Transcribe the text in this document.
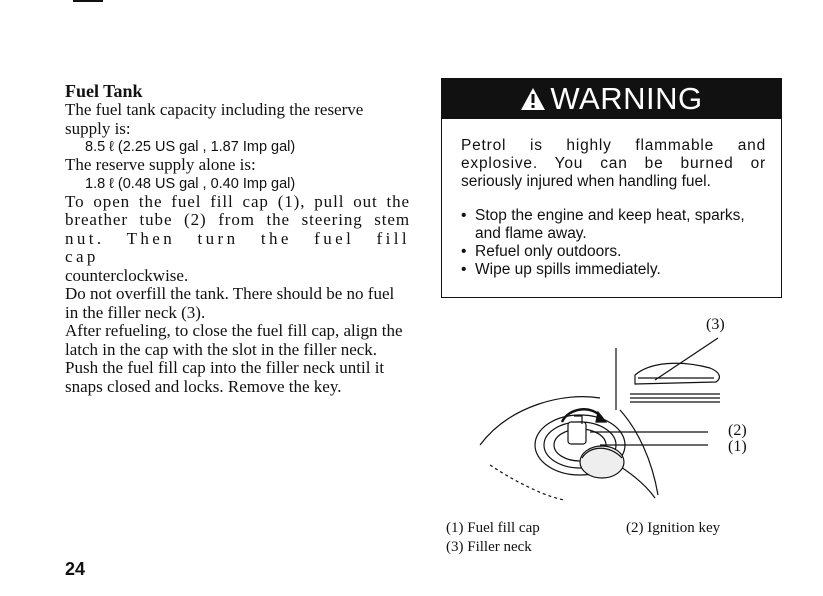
Fuel Tank
The fuel tank capacity including the reserve supply is:
8.5 ℓ (2.25 US gal , 1.87 Imp gal)
The reserve supply alone is:
1.8 ℓ (0.48 US gal , 0.40 Imp gal)
To open the fuel fill cap (1), pull out the
breather tube (2) from the steering stem
nut. Then turn the fuel fill cap
counterclockwise.
Do not overfill the tank. There should be no fuel in the filler neck (3).
After refueling, to close the fuel fill cap, align the latch in the cap with the slot in the filler neck. Push the fuel fill cap into the filler neck until it snaps closed and locks. Remove the key.
WARNING
Petrol is highly flammable and
explosive. You can be burned or
seriously injured when handling fuel.
• Stop the engine and keep heat, sparks, and flame away.
• Refuel only outdoors.
• Wipe up spills immediately.
(3)
(2)
(1)
(1) Fuel fill cap	(2) Ignition key
(3) Filler neck
24
